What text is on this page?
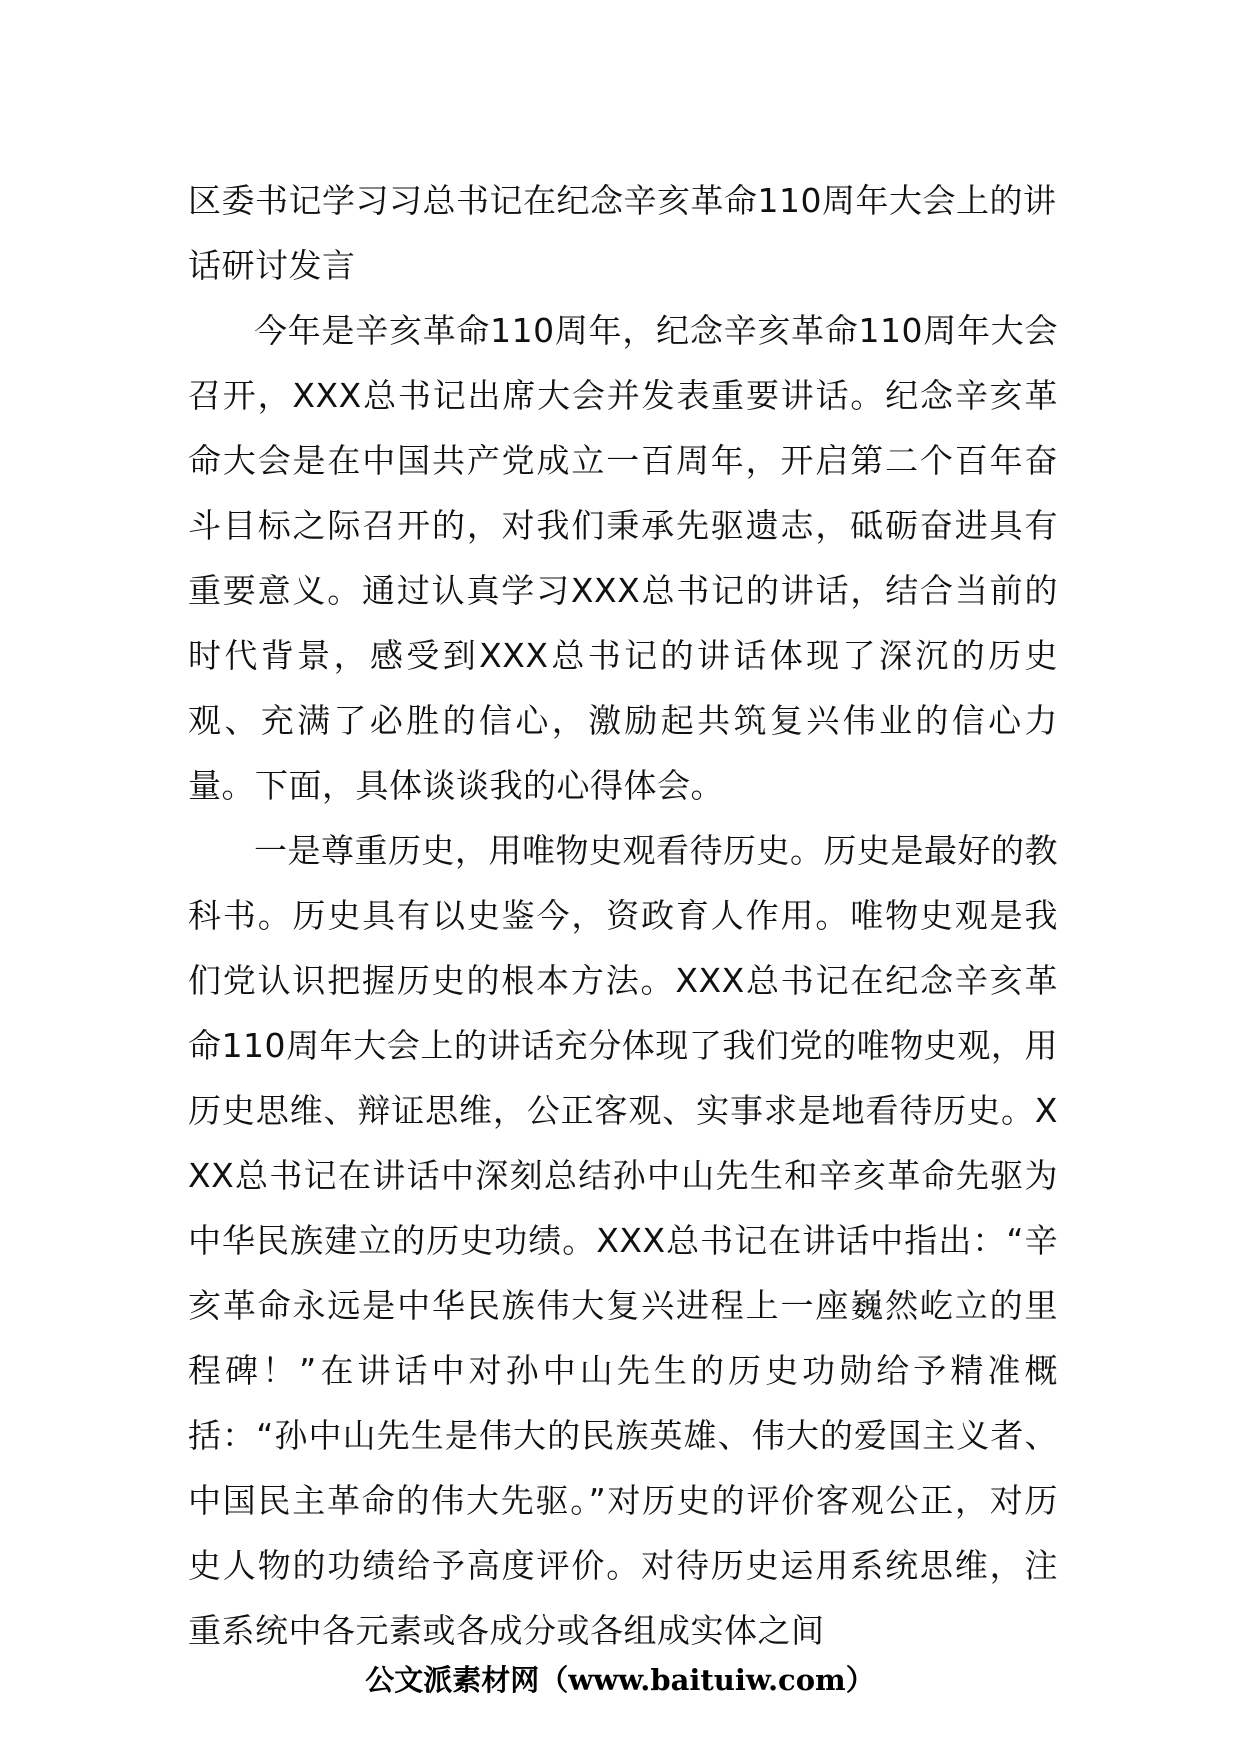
区委书记学习习总书记在纪念辛亥革命110周年大会上的讲话研讨发言

今年是辛亥革命110周年，纪念辛亥革命110周年大会召开，XXX总书记出席大会并发表重要讲话。纪念辛亥革命大会是在中国共产党成立一百周年，开启第二个百年奋斗目标之际召开的，对我们秉承先驱遗志，砥砺奋进具有重要意义。通过认真学习XXX总书记的讲话，结合当前的时代背景，感受到XXX总书记的讲话体现了深沉的历史观、充满了必胜的信心，激励起共筑复兴伟业的信心力量。下面，具体谈谈我的心得体会。

一是尊重历史，用唯物史观看待历史。历史是最好的教科书。历史具有以史鉴今，资政育人作用。唯物史观是我们党认识把握历史的根本方法。XXX总书记在纪念辛亥革命110周年大会上的讲话充分体现了我们党的唯物史观，用历史思维、辩证思维，公正客观、实事求是地看待历史。XXX总书记在讲话中深刻总结孙中山先生和辛亥革命先驱为中华民族建立的历史功绩。XXX总书记在讲话中指出：“辛亥革命永远是中华民族伟大复兴进程上一座巍然屹立的里程碑！”在讲话中对孙中山先生的历史功勋给予精准概括：“孙中山先生是伟大的民族英雄、伟大的爱国主义者、中国民主革命的伟大先驱。”对历史的评价客观公正，对历史人物的功绩给予高度评价。对待历史运用系统思维，注重系统中各元素或各成分或各组成实体之间

公文派素材网（www.baituiw.com）
